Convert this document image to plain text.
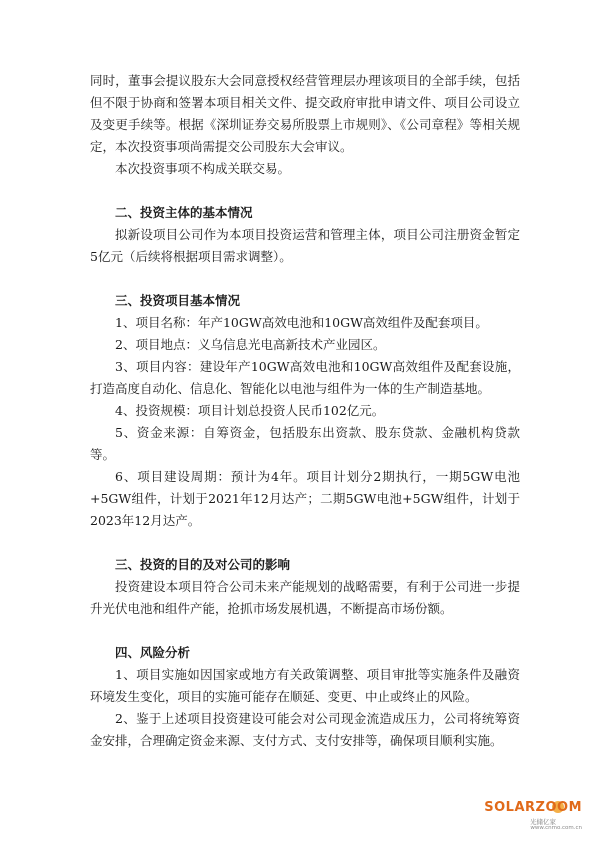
同时，董事会提议股东大会同意授权经营管理层办理该项目的全部手续，包括但不限于协商和签署本项目相关文件、提交政府审批申请文件、项目公司设立及变更手续等。根据《深圳证券交易所股票上市规则》、《公司章程》等相关规定，本次投资事项尚需提交公司股东大会审议。

本次投资事项不构成关联交易。

二、投资主体的基本情况

拟新设项目公司作为本项目投资运营和管理主体，项目公司注册资金暂定5亿元（后续将根据项目需求调整）。

三、投资项目基本情况

1、项目名称：年产10GW高效电池和10GW高效组件及配套项目。

2、项目地点：义乌信息光电高新技术产业园区。

3、项目内容：建设年产10GW高效电池和10GW高效组件及配套设施，打造高度自动化、信息化、智能化以电池与组件为一体的生产制造基地。

4、投资规模：项目计划总投资人民币102亿元。

5、资金来源：自筹资金，包括股东出资款、股东贷款、金融机构贷款等。

6、项目建设周期：预计为4年。项目计划分2期执行，一期5GW电池+5GW组件，计划于2021年12月达产；二期5GW电池+5GW组件，计划于2023年12月达产。

三、投资的目的及对公司的影响

投资建设本项目符合公司未来产能规划的战略需要，有利于公司进一步提升光伏电池和组件产能，抢抓市场发展机遇，不断提高市场份额。

四、风险分析

1、项目实施如因国家或地方有关政策调整、项目审批等实施条件及融资环境发生变化，项目的实施可能存在顺延、变更、中止或终止的风险。

2、鉴于上述项目投资建设可能会对公司现金流造成压力，公司将统筹资金安排，合理确定资金来源、支付方式、支付安排等，确保项目顺利实施。

SOLARZOOM
光储亿家
www.cnmo.com.cn
